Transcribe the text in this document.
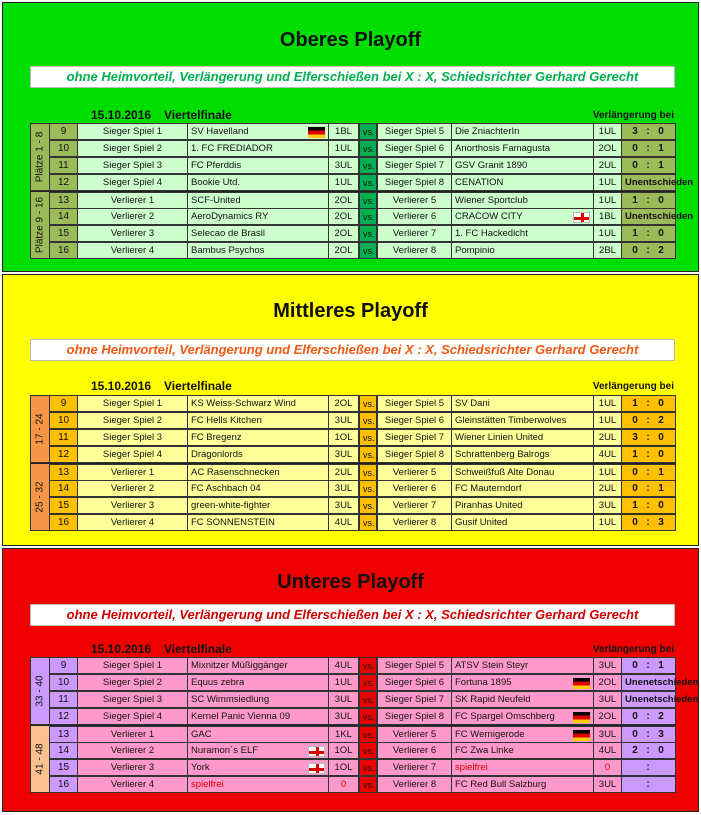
Oberes Playoff
ohne Heimvorteil, Verlängerung und Elferschießen bei X : X, Schiedsrichter Gerhard Gerecht
15.10.2016 Viertelfinale	Verlängerung bei
Plätze 1 - 8
Plätze 9 - 16
9	Sieger Spiel 1	SV Havelland	1BL	vs.	Sieger Spiel 5	Die ZniachterIn	1UL	3 : 0
10	Sieger Spiel 2	1. FC FREDIADOR	1UL	vs.	Sieger Spiel 6	Anorthosis Famagusta	2OL	0 : 1
11	Sieger Spiel 3	FC Pferddis	3UL	vs.	Sieger Spiel 7	GSV Granit 1890	2UL	0 : 1
12	Sieger Spiel 4	Bookie Utd.	1UL	vs.	Sieger Spiel 8	CENATION	1UL Unentschieden
13	Verlierer 1	SCF-United	2OL	vs.	Verlierer 5	Wiener Sportclub	1UL	1 : 0
14	Verlierer 2	AeroDynamics RY	2OL	vs.	Verlierer 6	CRACOW CITY	1BL Unentschieden
15	Verlierer 3	Selecao de Brasil	2OL	vs.	Verlierer 7	1. FC Hackedicht	1UL	1 : 0
16	Verlierer 4	Bambus Psychos	2OL	vs.	Verlierer 8	Pompinio	2BL	0 : 2
Mittleres Playoff
ohne Heimvorteil, Verlängerung und Elferschießen bei X : X, Schiedsrichter Gerhard Gerecht
15.10.2016 Viertelfinale	Verlängerung bei
17 - 24
25 - 32
9	Sieger Spiel 1	KS Weiss-Schwarz Wind	2OL	vs.	Sieger Spiel 5	SV Dani	1UL	1 : 0
10	Sieger Spiel 2	FC Hells Kitchen	3UL	vs.	Sieger Spiel 6	Gleinstätten Timberwolves	1UL	0 : 2
11	Sieger Spiel 3	FC Bregenz	1OL	vs.	Sieger Spiel 7	Wiener Linien United	2UL	3 : 0
12	Sieger Spiel 4	Dragonlords	3UL	vs.	Sieger Spiel 8	Schrattenberg Balrogs	4UL	1 : 0
13	Verlierer 1	AC Rasenschnecken	2UL	vs.	Verlierer 5	Schweißfuß Alte Donau	1UL	0 : 1
14	Verlierer 2	FC Aschbach 04	3UL	vs.	Verlierer 6	FC Mauterndorf	2UL	0 : 1
15	Verlierer 3	green-white-fighter	3UL	vs.	Verlierer 7	Piranhas United	3UL	1 : 0
16	Verlierer 4	FC SONNENSTEIN	4UL	vs.	Verlierer 8	Gusif United	1UL	0 : 3
Unteres Playoff
ohne Heimvorteil, Verlängerung und Elferschießen bei X : X, Schiedsrichter Gerhard Gerecht
15.10.2016 Viertelfinale	Verlängerung bei
33 - 40
41 - 48
9	Sieger Spiel 1	Mixnitzer Müßiggänger	4UL	vs.	Sieger Spiel 5	ATSV Stein Steyr	3UL	0 : 1
10	Sieger Spiel 2	Equus zebra	1UL	vs.	Sieger Spiel 6	Fortuna 1895	2OL Unenetschieden
11	Sieger Spiel 3	SC Wimmsiedlung	3UL	vs.	Sieger Spiel 7	SK Rapid Neufeld	3UL Unenetschieden
12	Sieger Spiel 4	Kernel Panic Vienna 09	3UL	vs.	Sieger Spiel 8	FC Spargel Omschberg	2OL	0 : 2
13	Verlierer 1	GAC	1KL	vs.	Verlierer 5	FC Wernigerode	3UL	0 : 3
14	Verlierer 2	Nuramon´s ELF	1OL	vs.	Verlierer 6	FC Zwa Linke	4UL	2 : 0
15	Verlierer 3	York	1OL	vs.	Verlierer 7	spielfrei	0	:
16	Verlierer 4	spielfrei	0	vs.	Verlierer 8	FC Red Bull Salzburg	3UL	:
